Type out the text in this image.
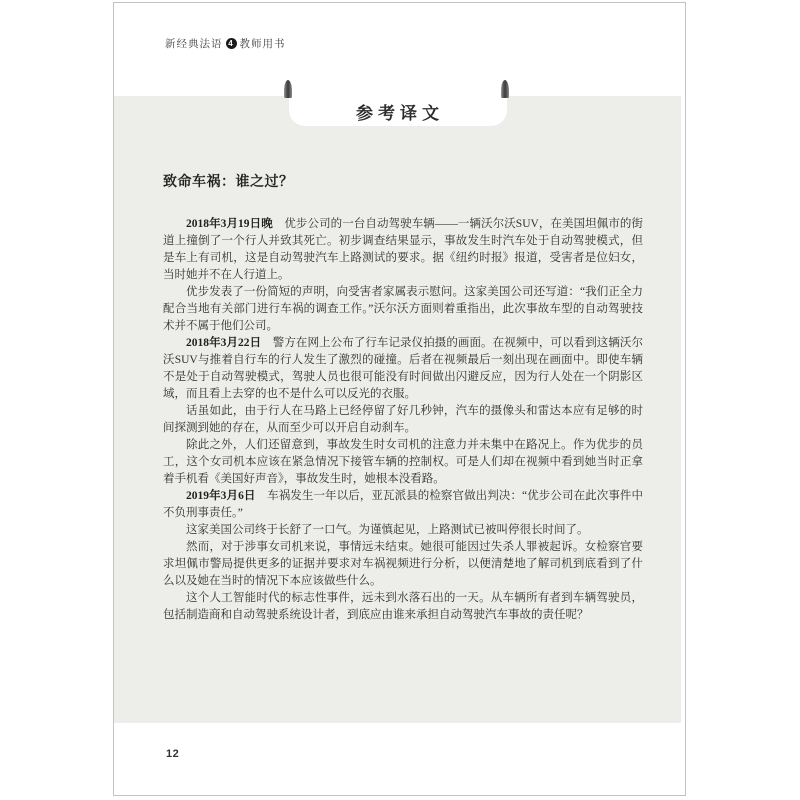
新经典法语 4 教师用书
参考译文
致命车祸：谁之过？

2018年3月19日晚　优步公司的一台自动驾驶车辆——一辆沃尔沃SUV，在美国坦佩市的街道上撞倒了一个行人并致其死亡。初步调查结果显示，事故发生时汽车处于自动驾驶模式，但是车上有司机，这是自动驾驶汽车上路测试的要求。据《纽约时报》报道，受害者是位妇女，当时她并不在人行道上。

优步发表了一份简短的声明，向受害者家属表示慰问。这家美国公司还写道：“我们正全力配合当地有关部门进行车祸的调查工作。”沃尔沃方面则着重指出，此次事故车型的自动驾驶技术并不属于他们公司。

2018年3月22日　警方在网上公布了行车记录仪拍摄的画面。在视频中，可以看到这辆沃尔沃SUV与推着自行车的行人发生了激烈的碰撞。后者在视频最后一刻出现在画面中。即使车辆不是处于自动驾驶模式，驾驶人员也很可能没有时间做出闪避反应，因为行人处在一个阴影区域，而且看上去穿的也不是什么可以反光的衣服。

话虽如此，由于行人在马路上已经停留了好几秒钟，汽车的摄像头和雷达本应有足够的时间探测到她的存在，从而至少可以开启自动刹车。

除此之外，人们还留意到，事故发生时女司机的注意力并未集中在路况上。作为优步的员工，这个女司机本应该在紧急情况下接管车辆的控制权。可是人们却在视频中看到她当时正拿着手机看《美国好声音》，事故发生时，她根本没看路。

2019年3月6日　车祸发生一年以后，亚瓦派县的检察官做出判决：“优步公司在此次事件中不负刑事责任。”

这家美国公司终于长舒了一口气。为谨慎起见，上路测试已被叫停很长时间了。

然而，对于涉事女司机来说，事情远未结束。她很可能因过失杀人罪被起诉。女检察官要求坦佩市警局提供更多的证据并要求对车祸视频进行分析，以便清楚地了解司机到底看到了什么以及她在当时的情况下本应该做些什么。

这个人工智能时代的标志性事件，远未到水落石出的一天。从车辆所有者到车辆驾驶员，包括制造商和自动驾驶系统设计者，到底应由谁来承担自动驾驶汽车事故的责任呢？

12
